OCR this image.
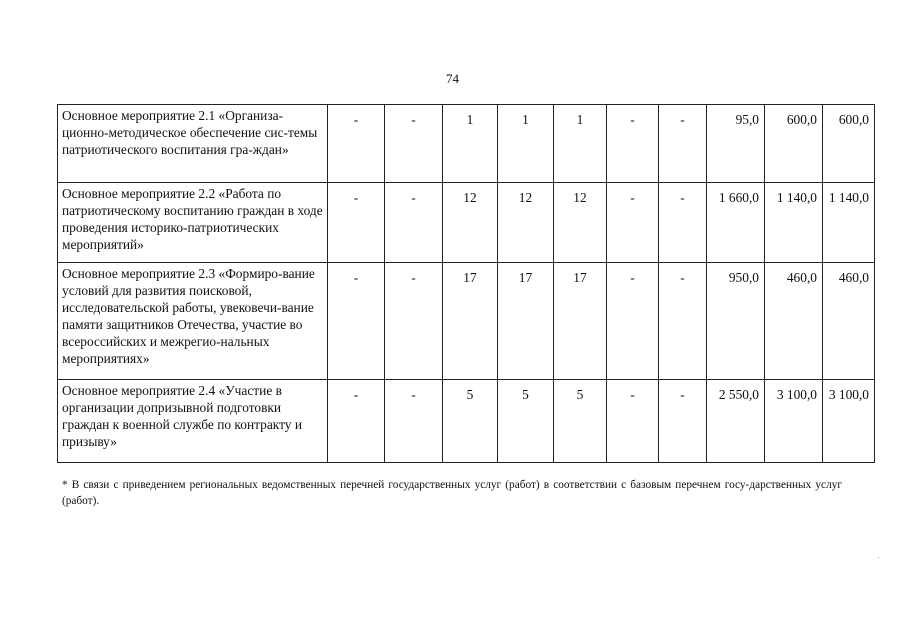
74
Основное мероприятие 2.1 «Организа-ционно-методическое обеспечение сис-темы патриотического воспитания гра-ждан»	-	-	1	1	1	-	-	95,0	600,0	600,0
Основное мероприятие 2.2 «Работа по патриотическому воспитанию граждан в ходе проведения историко-патриотических мероприятий»	-	-	12	12	12	-	-	1 660,0	1 140,0	1 140,0
Основное мероприятие 2.3 «Формиро-вание условий для развития поисковой, исследовательской работы, увековечи-вание памяти защитников Отечества, участие во всероссийских и межрегио-нальных мероприятиях»	-	-	17	17	17	-	-	950,0	460,0	460,0
Основное мероприятие 2.4 «Участие в организации допризывной подготовки граждан к военной службе по контракту и призыву»	-	-	5	5	5	-	-	2 550,0	3 100,0	3 100,0
* В связи с приведением региональных ведомственных перечней государственных услуг (работ) в соответствии с базовым перечнем госу-дарственных услуг (работ).
